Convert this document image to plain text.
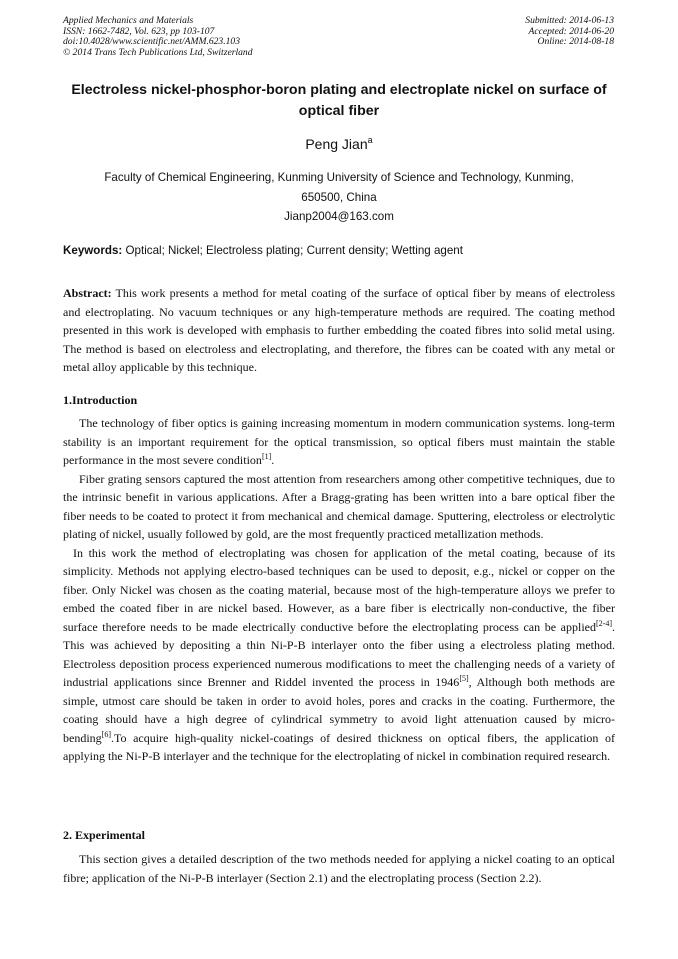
Applied Mechanics and Materials
ISSN: 1662-7482, Vol. 623, pp 103-107
doi:10.4028/www.scientific.net/AMM.623.103
© 2014 Trans Tech Publications Ltd, Switzerland
Submitted: 2014-06-13
Accepted: 2014-06-20
Online: 2014-08-18
Electroless nickel-phosphor-boron plating and electroplate nickel on surface of optical fiber
Peng Jian$^a$
Faculty of Chemical Engineering, Kunming University of Science and Technology, Kunming,
650500, China
Jianp2004@163.com
Keywords: Optical; Nickel; Electroless plating; Current density; Wetting agent
Abstract: This work presents a method for metal coating of the surface of optical fiber by means of electroless and electroplating. No vacuum techniques or any high-temperature methods are required. The coating method presented in this work is developed with emphasis to further embedding the coated fibres into solid metal using. The method is based on electroless and electroplating, and therefore, the fibres can be coated with any metal or metal alloy applicable by this technique.
1.Introduction

The technology of fiber optics is gaining increasing momentum in modern communication systems. long-term stability is an important requirement for the optical transmission, so optical fibers must maintain the stable performance in the most severe condition[1].

Fiber grating sensors captured the most attention from researchers among other competitive techniques, due to the intrinsic benefit in various applications. After a Bragg-grating has been written into a bare optical fiber the fiber needs to be coated to protect it from mechanical and chemical damage. Sputtering, electroless or electrolytic plating of nickel, usually followed by gold, are the most frequently practiced metallization methods.

In this work the method of electroplating was chosen for application of the metal coating, because of its simplicity. Methods not applying electro-based techniques can be used to deposit, e.g., nickel or copper on the fiber. Only Nickel was chosen as the coating material, because most of the high-temperature alloys we prefer to embed the coated fiber in are nickel based. However, as a bare fiber is electrically non-conductive, the fiber surface therefore needs to be made electrically conductive before the electroplating process can be applied[2-4]. This was achieved by depositing a thin Ni-P-B interlayer onto the fiber using a electroless plating method. Electroless deposition process experienced numerous modifications to meet the challenging needs of a variety of industrial applications since Brenner and Riddel invented the process in 1946[5], Although both methods are simple, utmost care should be taken in order to avoid holes, pores and cracks in the coating. Furthermore, the coating should have a high degree of cylindrical symmetry to avoid light attenuation caused by micro-bending[6].To acquire high-quality nickel-coatings of desired thickness on optical fibers, the application of applying the Ni-P-B interlayer and the technique for the electroplating of nickel in combination required research.

2. Experimental

This section gives a detailed description of the two methods needed for applying a nickel coating to an optical fibre; application of the Ni-P-B interlayer (Section 2.1) and the electroplating process (Section 2.2).
